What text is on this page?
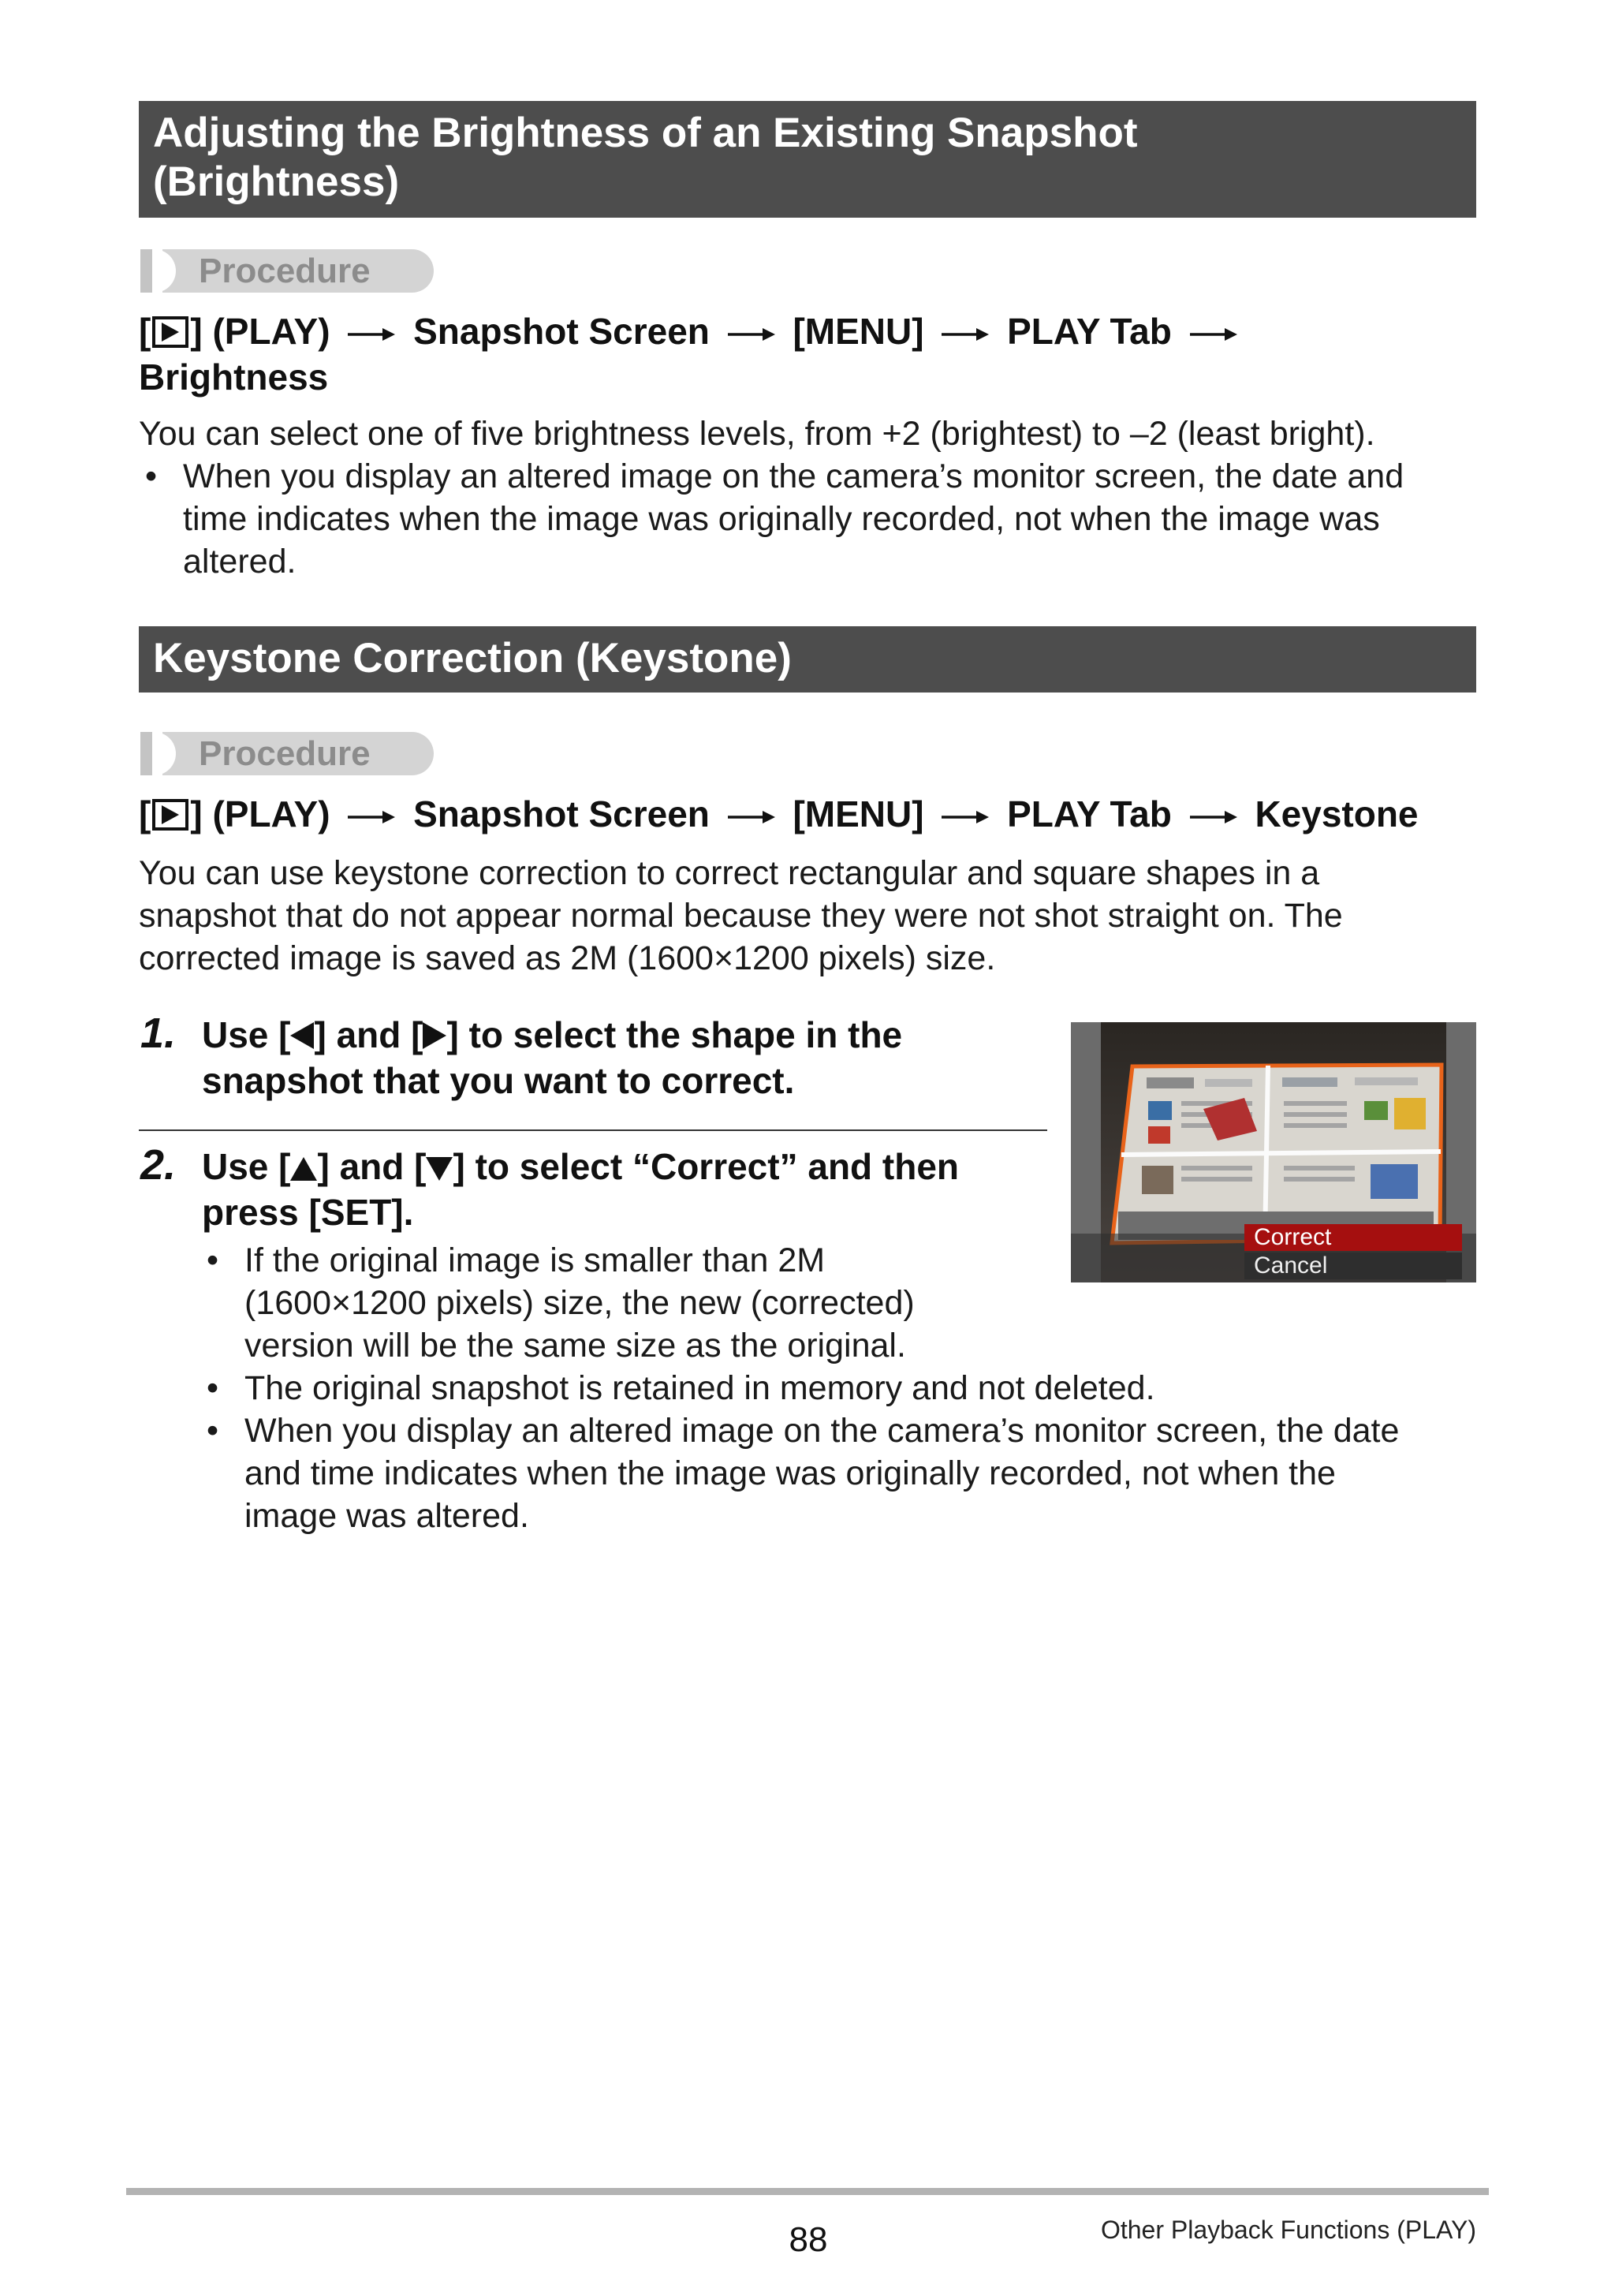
Adjusting the Brightness of an Existing Snapshot
(Brightness)
Procedure
[ ] (PLAY) Snapshot Screen [MENU] PLAY Tab
Brightness
You can select one of five brightness levels, from +2 (brightest) to –2 (least bright).
• When you display an altered image on the camera’s monitor screen, the date and
time indicates when the image was originally recorded, not when the image was
altered.
Keystone Correction (Keystone)
Procedure
[ ] (PLAY) Snapshot Screen [MENU] PLAY Tab Keystone
You can use keystone correction to correct rectangular and square shapes in a
snapshot that do not appear normal because they were not shot straight on. The
corrected image is saved as 2M (1600×1200 pixels) size.
1. Use [ ] and [ ] to select the shape in the
snapshot that you want to correct.
2. Use [ ] and [ ] to select “Correct” and then
press [SET].
• If the original image is smaller than 2M
(1600×1200 pixels) size, the new (corrected)
version will be the same size as the original.
• The original snapshot is retained in memory and not deleted.
• When you display an altered image on the camera’s monitor screen, the date
and time indicates when the image was originally recorded, not when the
image was altered.
Correct
Cancel
88	Other Playback Functions (PLAY)
